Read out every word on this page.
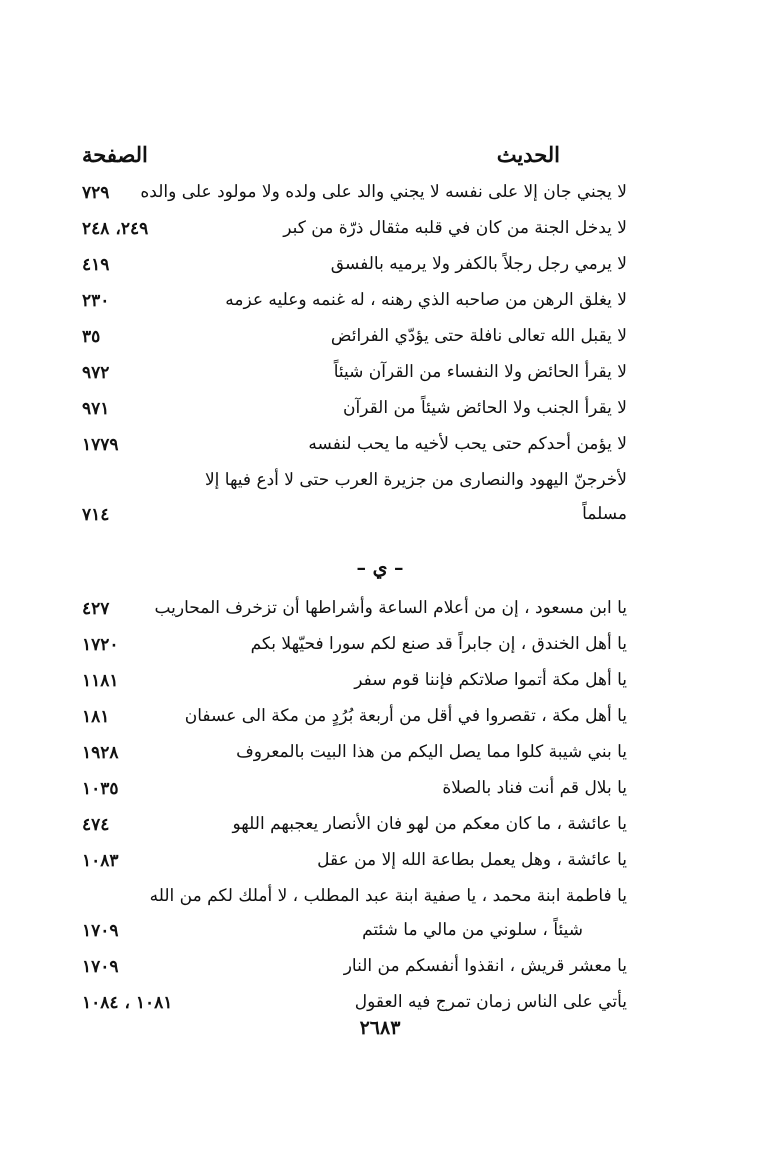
الحديث
الصفحة
لا يجني جان إلا على نفسه لا يجني والد على ولده ولا مولود على والده
٧٢٩
لا يدخل الجنة من كان في قلبه مثقال ذرّة من كبر
٢٤٩، ٢٤٨
لا يرمي رجل رجلاً بالكفر ولا يرميه بالفسق
٤١٩
لا يغلق الرهن من صاحبه الذي رهنه ، له غنمه وعليه عزمه
٢٣٠
لا يقبل الله تعالى نافلة حتى يؤدّي الفرائض
٣٥
لا يقرأ الحائض ولا النفساء من القرآن شيئاً
٩٧٢
لا يقرأ الجنب ولا الحائض شيئاً من القرآن
٩٧١
لا يؤمن أحدكم حتى يحب لأخيه ما يحب لنفسه
١٧٧٩
لأخرجنّ اليهود والنصارى من جزيرة العرب حتى لا أدع فيها إلا
مسلماً
٧١٤
– ي –
يا ابن مسعود ، إن من أعلام الساعة وأشراطها أن تزخرف المحاريب
٤٢٧
يا أهل الخندق ، إن جابراً قد صنع لكم سورا فحيّهلا بكم
١٧٢٠
يا أهل مكة أتموا صلاتكم فإننا قوم سفر
١١٨١
يا أهل مكة ، تقصروا في أقل من أربعة بُرُدٍ من مكة الى عسفان
١٨١
يا بني شيبة كلوا مما يصل اليكم من هذا البيت بالمعروف
١٩٢٨
يا بلال قم أنت فناد بالصلاة
١٠٣٥
يا عائشة ، ما كان معكم من لهو فان الأنصار يعجبهم اللهو
٤٧٤
يا عائشة ، وهل يعمل بطاعة الله إلا من عقل
١٠٨٣
يا فاطمة ابنة محمد ، يا صفية ابنة عبد المطلب ، لا أملك لكم من الله
شيئاً ، سلوني من مالي ما شئتم
١٧٠٩
يا معشر قريش ، انقذوا أنفسكم من النار
١٧٠٩
يأتي على الناس زمان تمرج فيه العقول
١٠٨١ ، ١٠٨٤
٢٦٨٣
